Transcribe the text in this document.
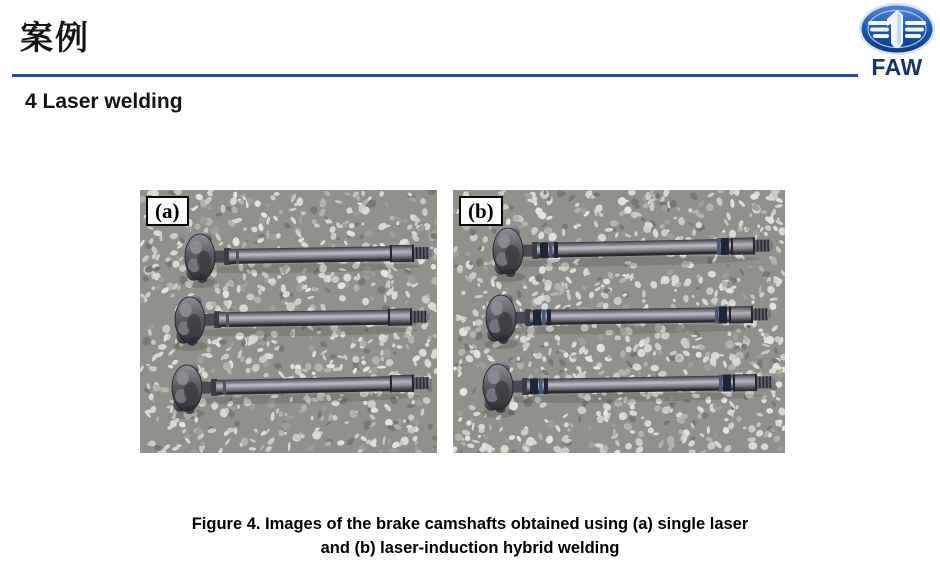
案例
FAW
4 Laser welding
(a)	(b)
Figure 4. Images of the brake camshafts obtained using (a) single laser
and (b) laser-induction hybrid welding
